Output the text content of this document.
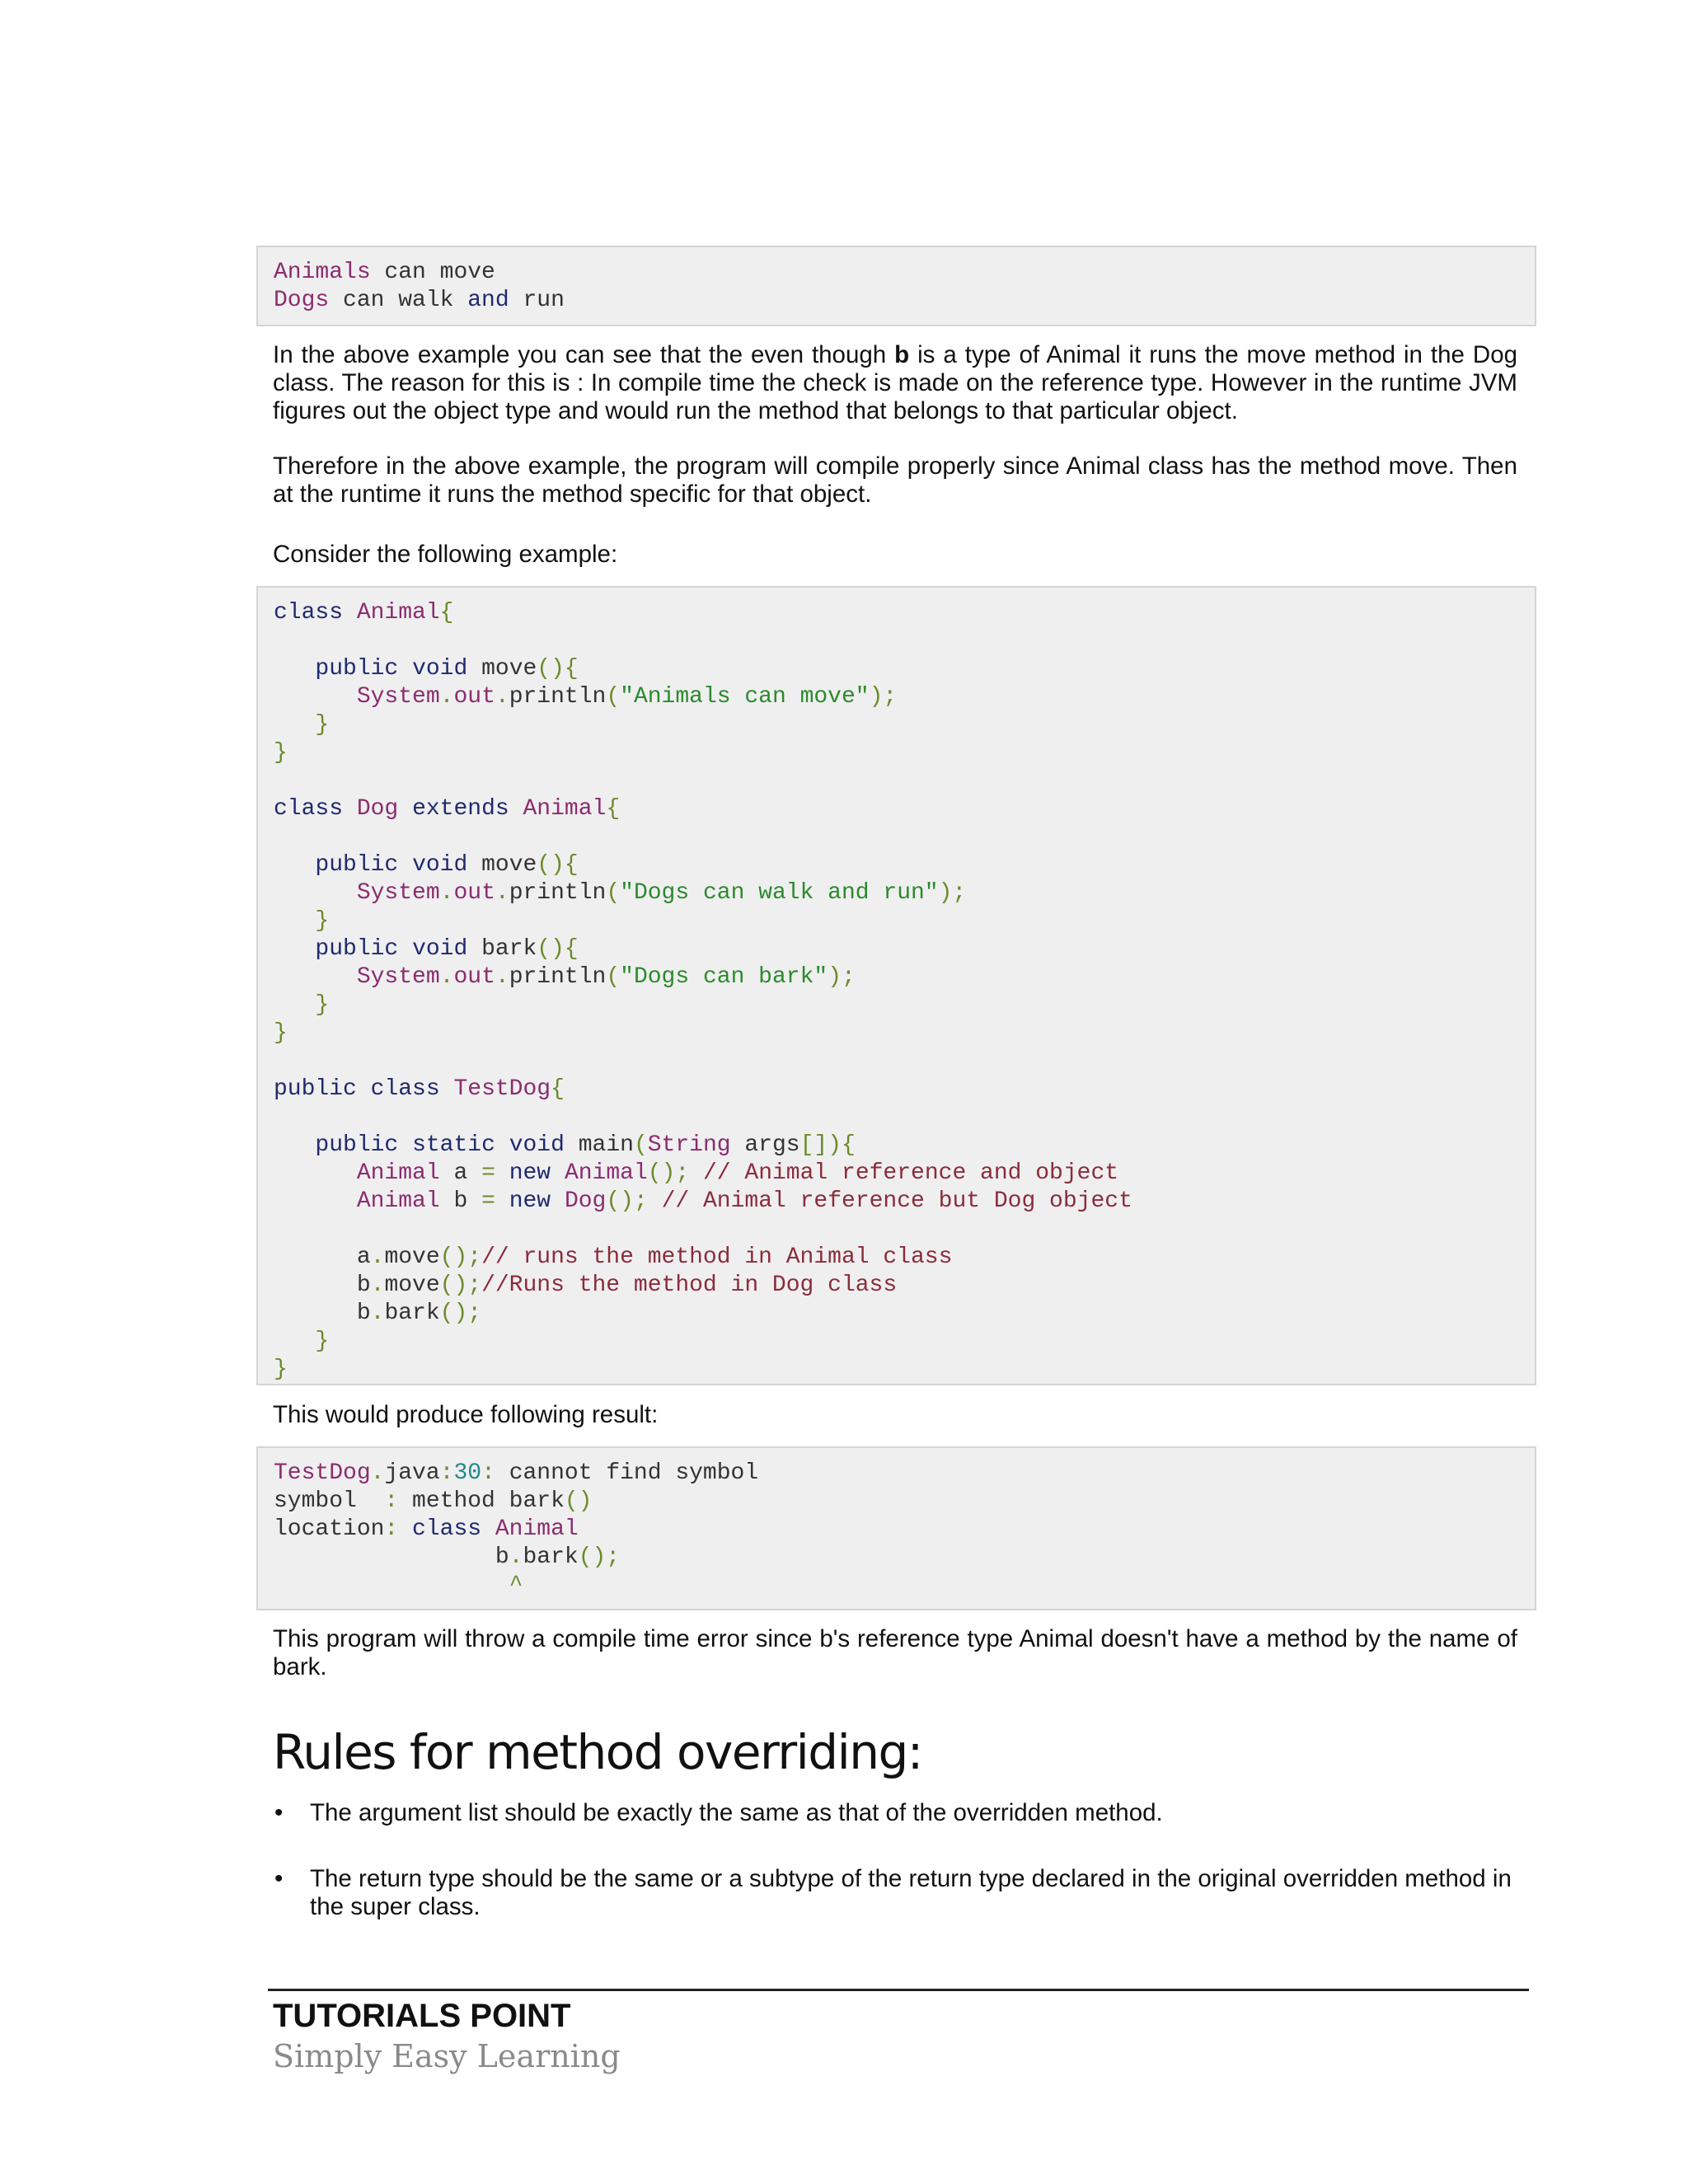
Animals can move
Dogs can walk and run
In the above example you can see that the even though b is a type of Animal it runs the move method in the Dog class. The reason for this is : In compile time the check is made on the reference type. However in the runtime JVM figures out the object type and would run the method that belongs to that particular object.
Therefore in the above example, the program will compile properly since Animal class has the method move. Then at the runtime it runs the method specific for that object.
Consider the following example:
class Animal{
public void move(){
System.out.println("Animals can move");
}
}
class Dog extends Animal{
public void move(){
System.out.println("Dogs can walk and run");
}
public void bark(){
System.out.println("Dogs can bark");
}
}
public class TestDog{
public static void main(String args[]){
Animal a = new Animal(); // Animal reference and object
Animal b = new Dog(); // Animal reference but Dog object
a.move();// runs the method in Animal class
b.move();//Runs the method in Dog class
b.bark();
}
}
This would produce following result:
TestDog.java:30: cannot find symbol
symbol  : method bark()
location: class Animal
b.bark();
^
This program will throw a compile time error since b's reference type Animal doesn't have a method by the name of bark.
Rules for method overriding:
• The argument list should be exactly the same as that of the overridden method.
• The return type should be the same or a subtype of the return type declared in the original overridden method in the super class.
TUTORIALS POINT
Simply Easy Learning
